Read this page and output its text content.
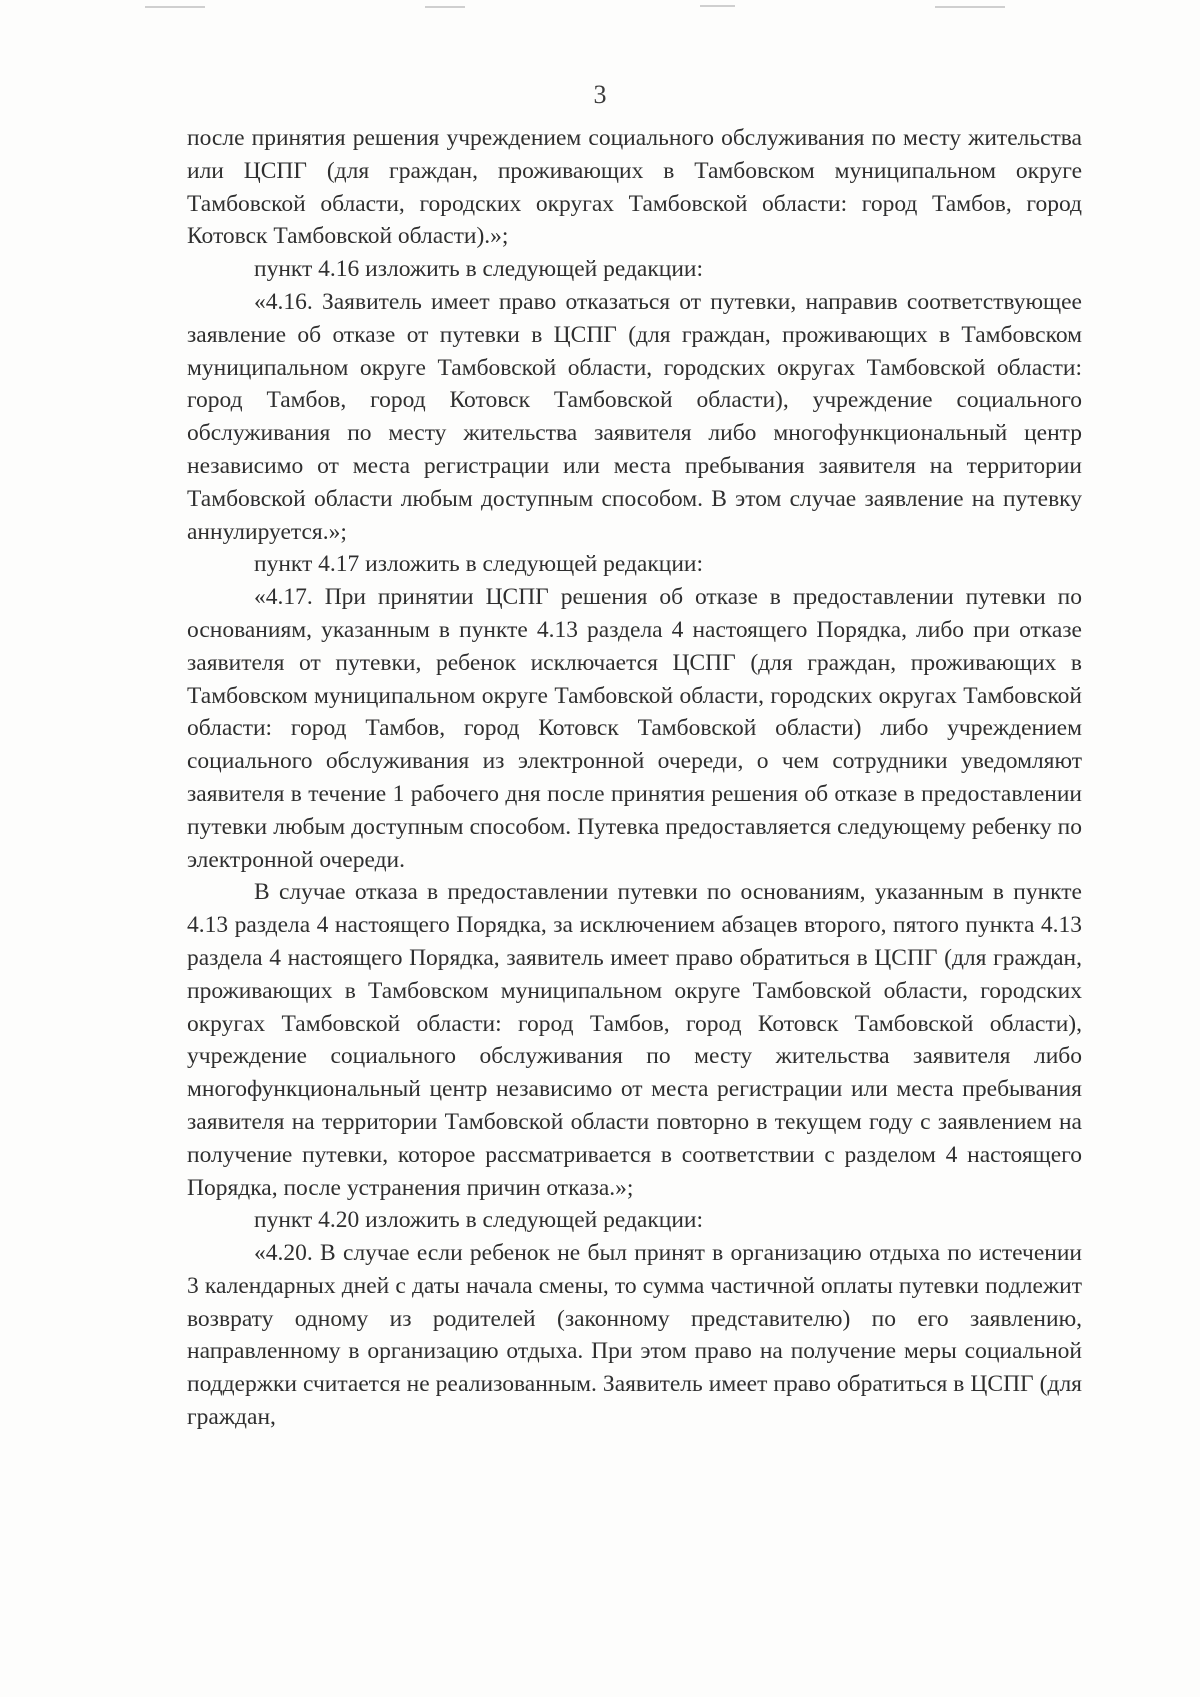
3

после принятия решения учреждением социального обслуживания по месту жительства или ЦСПГ (для граждан, проживающих в Тамбовском муниципальном округе Тамбовской области, городских округах Тамбовской области: город Тамбов, город Котовск Тамбовской области).»;

пункт 4.16 изложить в следующей редакции:

«4.16. Заявитель имеет право отказаться от путевки, направив соответствующее заявление об отказе от путевки в ЦСПГ (для граждан, проживающих в Тамбовском муниципальном округе Тамбовской области, городских округах Тамбовской области: город Тамбов, город Котовск Тамбовской области), учреждение социального обслуживания по месту жительства заявителя либо многофункциональный центр независимо от места регистрации или места пребывания заявителя на территории Тамбовской области любым доступным способом. В этом случае заявление на путевку аннулируется.»;

пункт 4.17 изложить в следующей редакции:

«4.17. При принятии ЦСПГ решения об отказе в предоставлении путевки по основаниям, указанным в пункте 4.13 раздела 4 настоящего Порядка, либо при отказе заявителя от путевки, ребенок исключается ЦСПГ (для граждан, проживающих в Тамбовском муниципальном округе Тамбовской области, городских округах Тамбовской области: город Тамбов, город Котовск Тамбовской области) либо учреждением социального обслуживания из электронной очереди, о чем сотрудники уведомляют заявителя в течение 1 рабочего дня после принятия решения об отказе в предоставлении путевки любым доступным способом. Путевка предоставляется следующему ребенку по электронной очереди.

В случае отказа в предоставлении путевки по основаниям, указанным в пункте 4.13 раздела 4 настоящего Порядка, за исключением абзацев второго, пятого пункта 4.13 раздела 4 настоящего Порядка, заявитель имеет право обратиться в ЦСПГ (для граждан, проживающих в Тамбовском муниципальном округе Тамбовской области, городских округах Тамбовской области: город Тамбов, город Котовск Тамбовской области), учреждение социального обслуживания по месту жительства заявителя либо многофункциональный центр независимо от места регистрации или места пребывания заявителя на территории Тамбовской области повторно в текущем году с заявлением на получение путевки, которое рассматривается в соответствии с разделом 4 настоящего Порядка, после устранения причин отказа.»;

пункт 4.20 изложить в следующей редакции:

«4.20. В случае если ребенок не был принят в организацию отдыха по истечении 3 календарных дней с даты начала смены, то сумма частичной оплаты путевки подлежит возврату одному из родителей (законному представителю) по его заявлению, направленному в организацию отдыха. При этом право на получение меры социальной поддержки считается не реализованным. Заявитель имеет право обратиться в ЦСПГ (для граждан,
